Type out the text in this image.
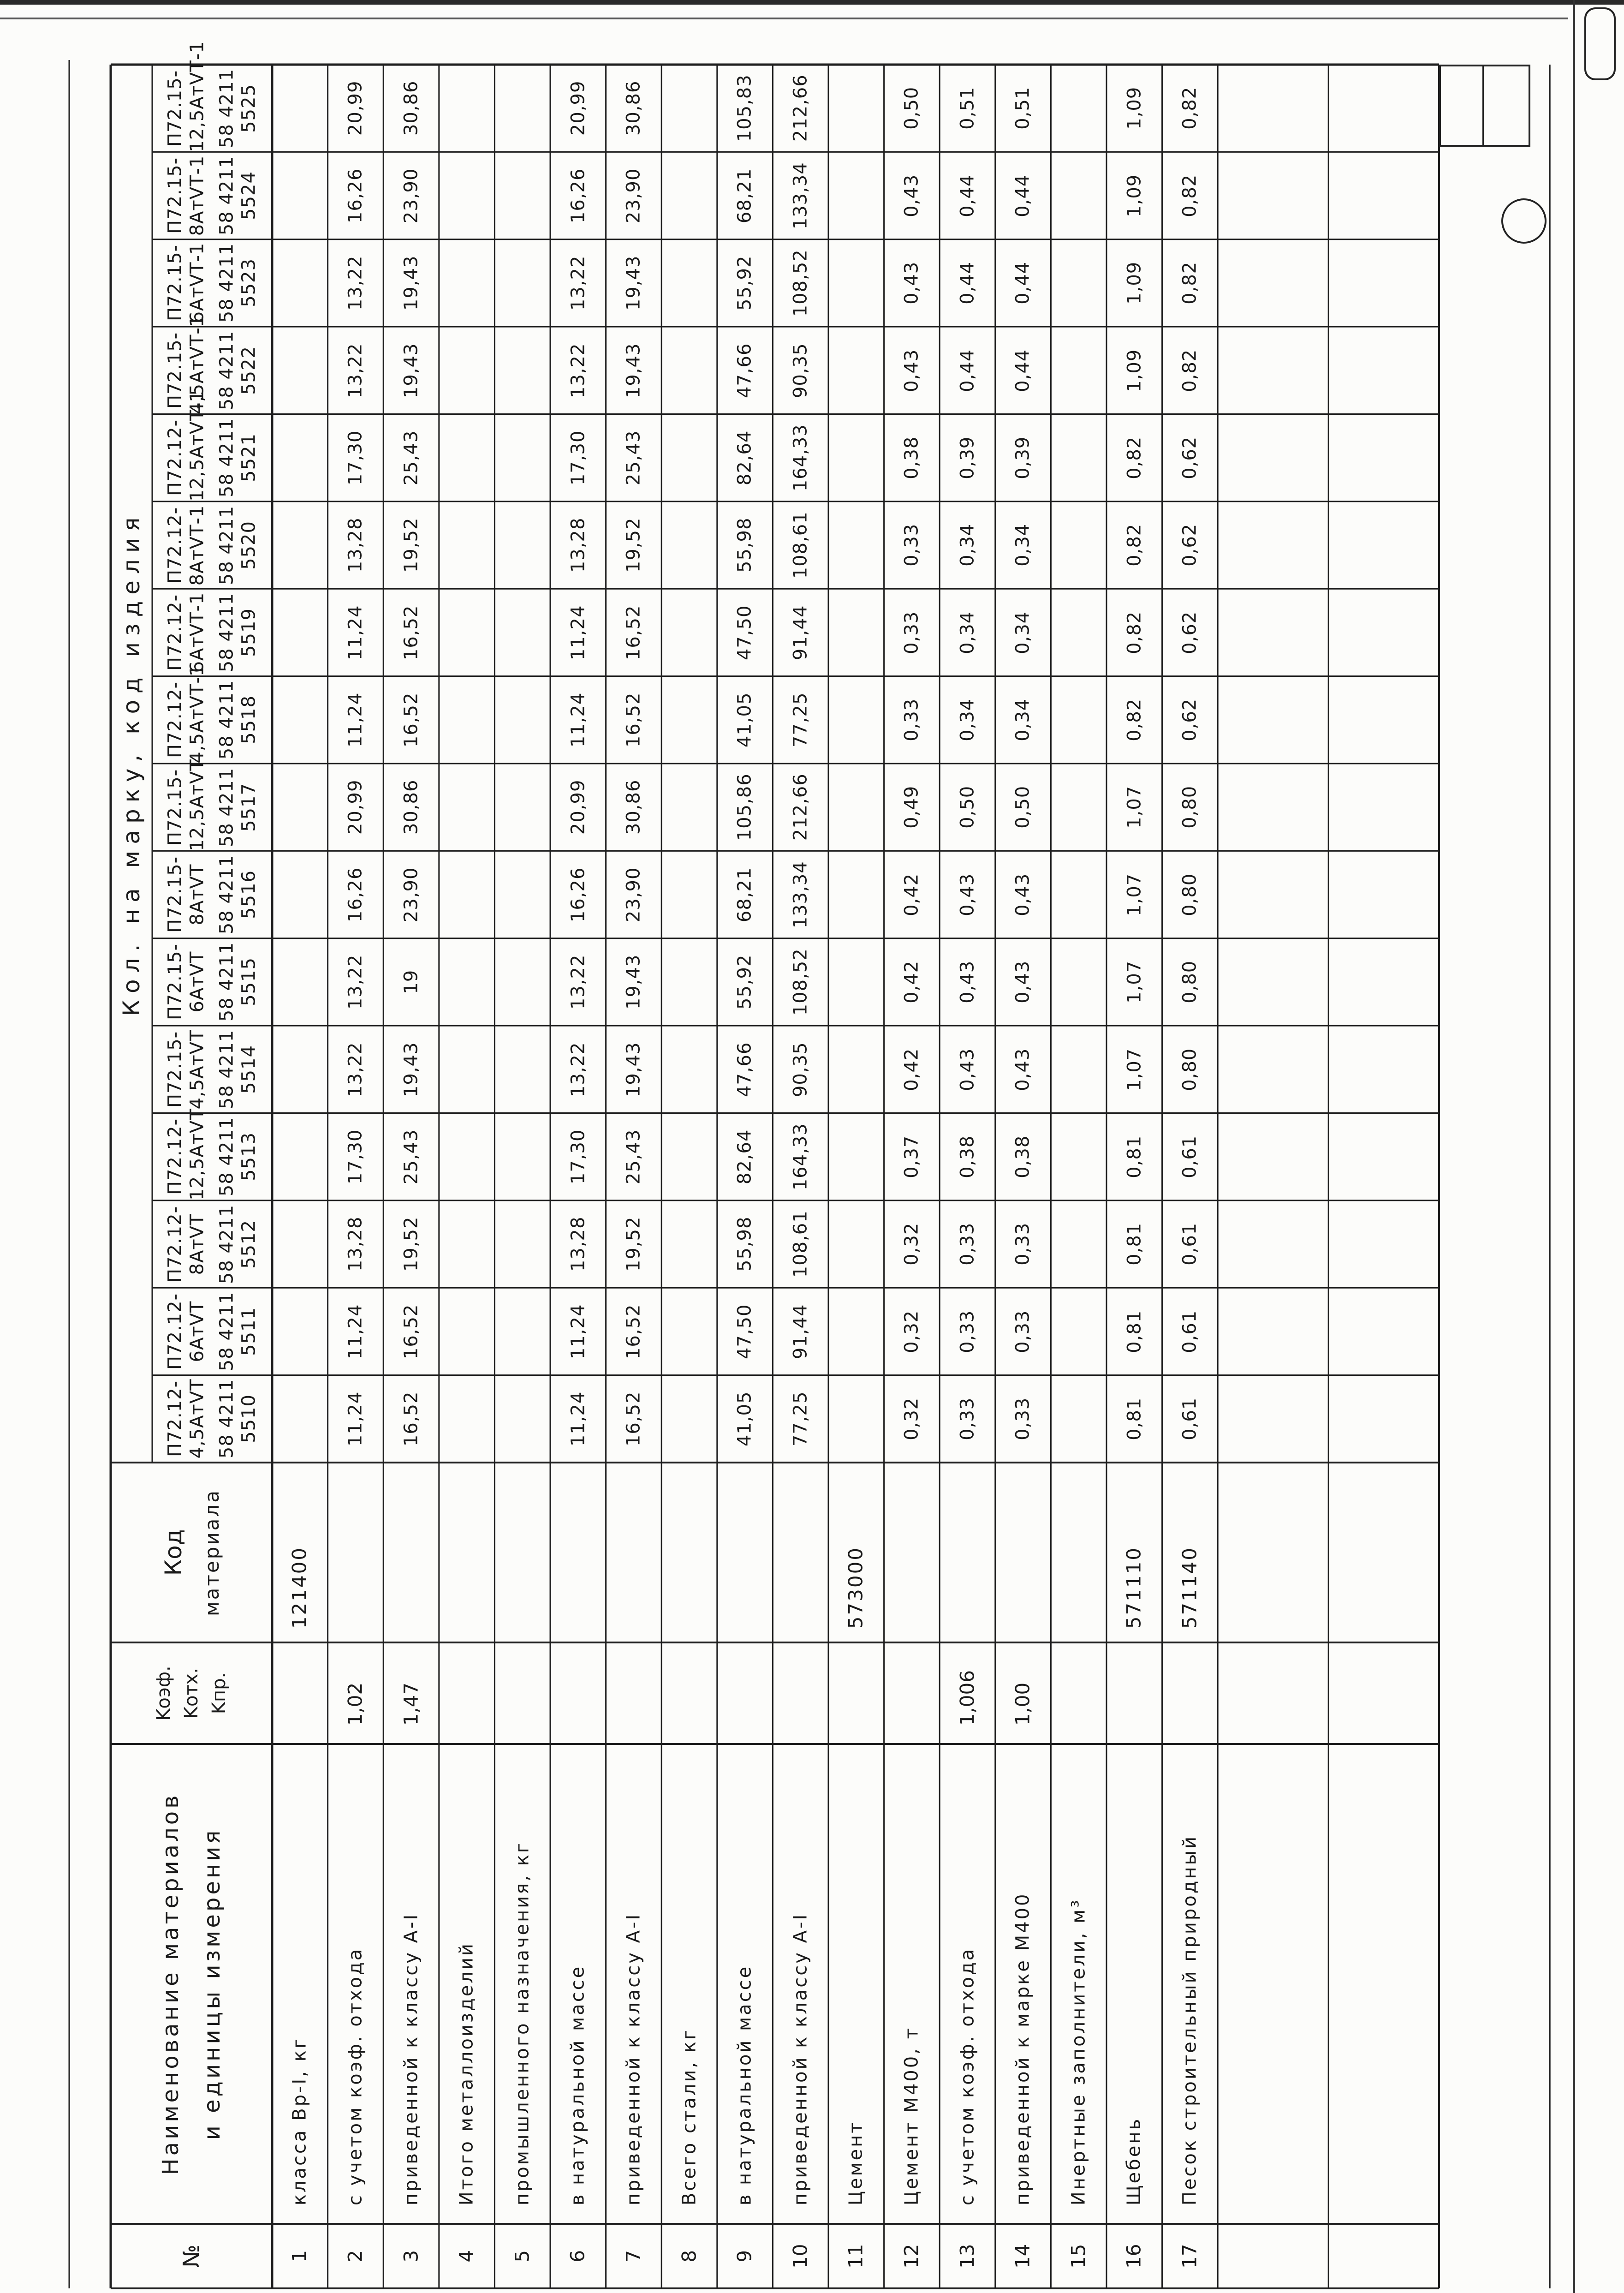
Кол. на марку, код изделия
П72.12-4,5АтVТ 58 4211 5510
П72.12-6АтVТ 58 4211 5511
П72.12-8АтVТ 58 4211 5512
П72.12-12,5АтVТ 58 4211 5513
П72.15-4,5АтVТ 58 4211 5514
П72.15-6АтVТ 58 4211 5515
П72.15-8АтVТ 58 4211 5516
П72.15-12,5АтVТ 58 4211 5517
П72.12-4,5АтVТ-1 58 4211 5518
П72.12-6АтVТ-1 58 4211 5519
П72.12-8АтVТ-1 58 4211 5520
П72.12-12,5АтVТ-1 58 4211 5521
П72.15-4,5АтVТ-1 58 4211 5522
П72.15-6АтVТ-1 58 4211 5523
П72.15-8АтVТ-1 58 4211 5524
П72.15-12,5АтVТ-1 58 4211 5525
Код материала
Kоэф. Kотх. Kпр.
Наименование материалов и единицы измерения
№	1
класса Вр-I, кг
121400
2
с учетом коэф. отхода
1,02
11,24
11,24
13,28
17,30
13,22
13,22
16,26
20,99
11,24
11,24
13,28
17,30
13,22
13,22
16,26
20,99
3
приведенной к классу А-I
1,47
16,52
16,52
19,52
25,43
19,43
19
23,90
30,86
16,52
16,52
19,52
25,43
19,43
19,43
23,90
30,86
4
Итого металлоизделий
5
промышленного назначения, кг
6
в натуральной массе
11,24
11,24
13,28
17,30
13,22
13,22
16,26
20,99
11,24
11,24
13,28
17,30
13,22
13,22
16,26
20,99
7
приведенной к классу А-I
16,52
16,52
19,52
25,43
19,43
19,43
23,90
30,86
16,52
16,52
19,52
25,43
19,43
19,43
23,90
30,86
8
Всего стали, кг
9
в натуральной массе
41,05
47,50
55,98
82,64
47,66
55,92
68,21
105,86
41,05
47,50
55,98
82,64
47,66
55,92
68,21
105,83
10
приведенной к классу А-I
77,25
91,44
108,61
164,33
90,35
108,52
133,34
212,66
77,25
91,44
108,61
164,33
90,35
108,52
133,34
212,66
11
Цемент
573000
12
Цемент М400, т
0,32
0,32
0,32
0,37
0,42
0,42
0,42
0,49
0,33
0,33
0,33
0,38
0,43
0,43
0,43
0,50
13
с учетом коэф. отхода
1,006
0,33
0,33
0,33
0,38
0,43
0,43
0,43
0,50
0,34
0,34
0,34
0,39
0,44
0,44
0,44
0,51
14
приведенной к марке М400
1,00
0,33
0,33
0,33
0,38
0,43
0,43
0,43
0,50
0,34
0,34
0,34
0,39
0,44
0,44
0,44
0,51
15
Инертные заполнители, м³
16
Щебень
571110
0,81
0,81
0,81
0,81
1,07
1,07
1,07
1,07
0,82
0,82
0,82
0,82
1,09
1,09
1,09
1,09
17
Песок строительный природный
571140
0,61
0,61
0,61
0,61
0,80
0,80
0,80
0,80
0,62
0,62
0,62
0,62
0,82
0,82
0,82
0,82
